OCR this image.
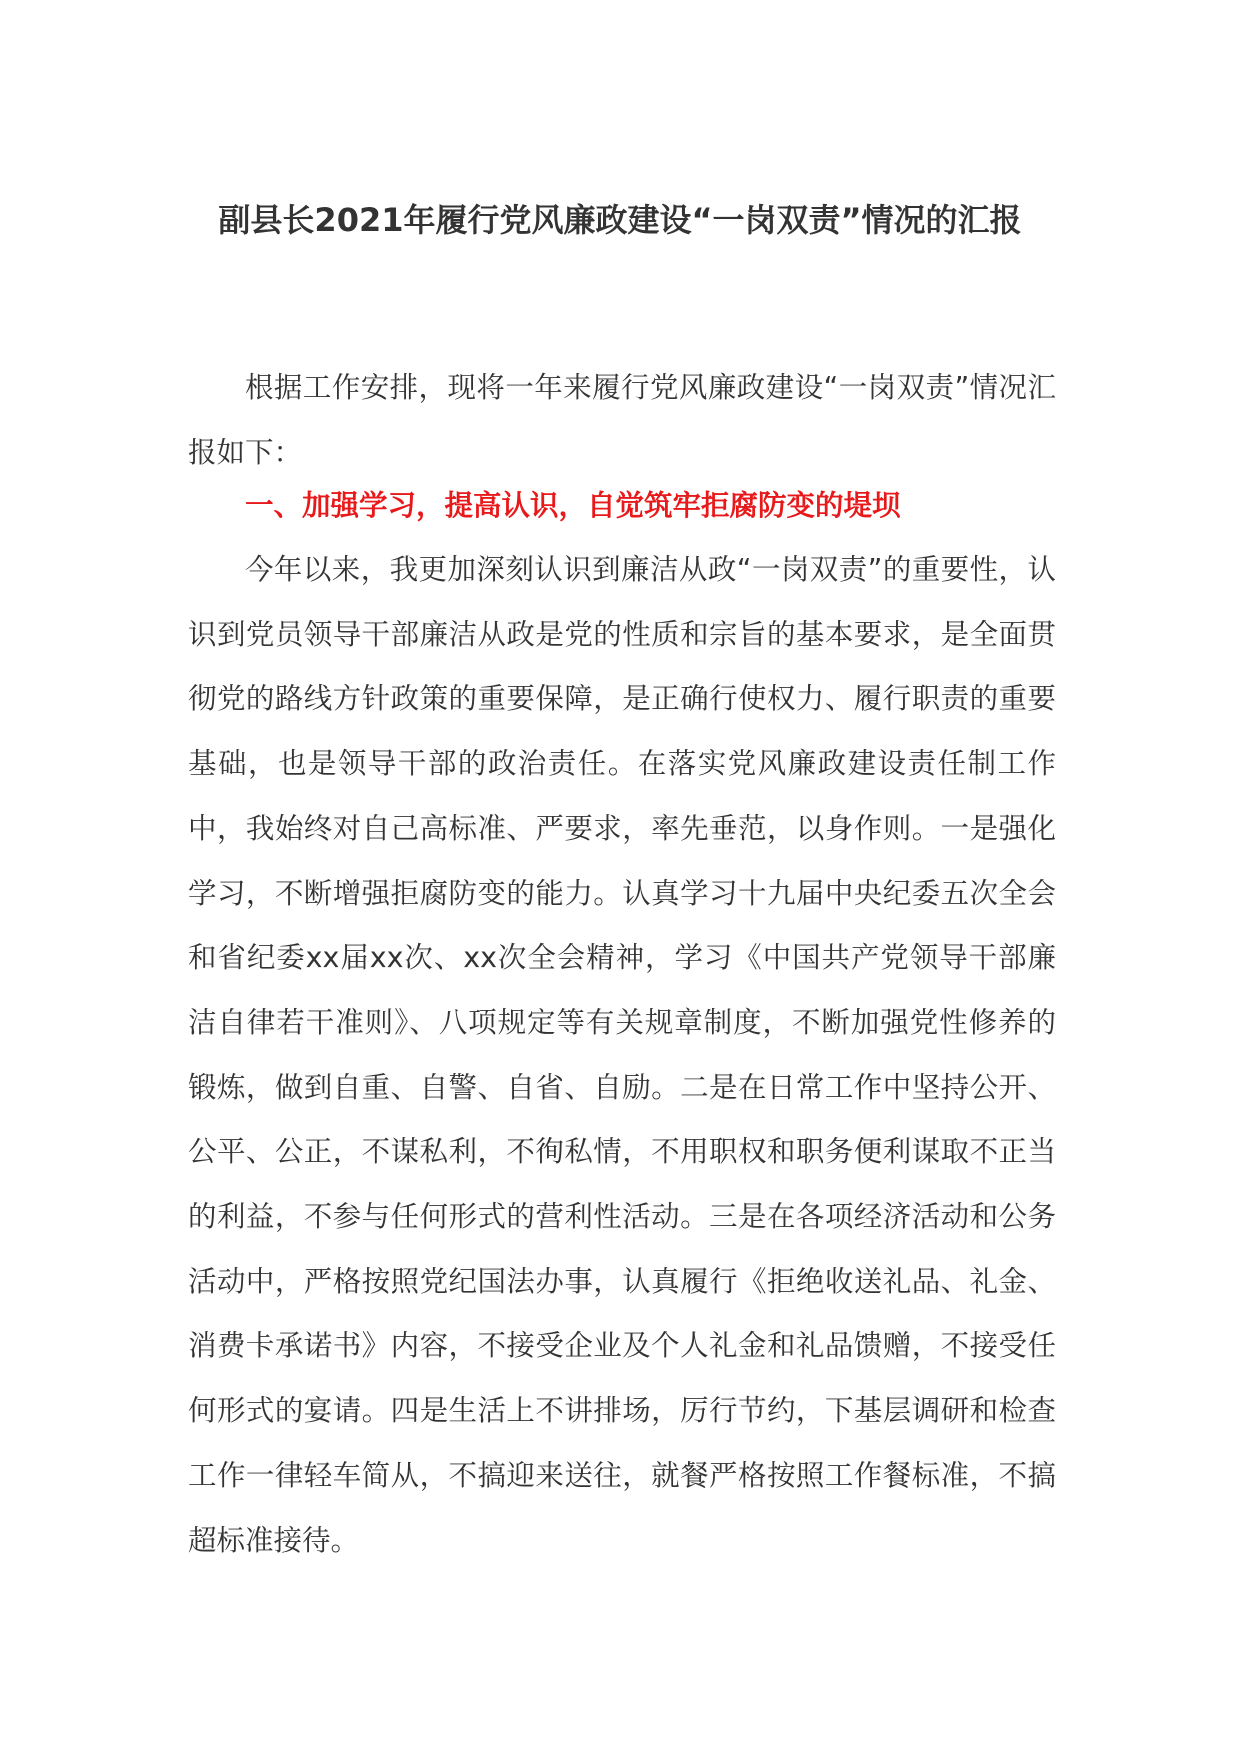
副县长2021年履行党风廉政建设“一岗双责”情况的汇报

根据工作安排，现将一年来履行党风廉政建设“一岗双责”情况汇报如下：

一、加强学习，提高认识，自觉筑牢拒腐防变的堤坝

今年以来，我更加深刻认识到廉洁从政“一岗双责”的重要性，认识到党员领导干部廉洁从政是党的性质和宗旨的基本要求，是全面贯彻党的路线方针政策的重要保障，是正确行使权力、履行职责的重要基础，也是领导干部的政治责任。在落实党风廉政建设责任制工作中，我始终对自己高标准、严要求，率先垂范，以身作则。一是强化学习，不断增强拒腐防变的能力。认真学习十九届中央纪委五次全会和省纪委xx届xx次、xx次全会精神，学习《中国共产党领导干部廉洁自律若干准则》、八项规定等有关规章制度，不断加强党性修养的锻炼，做到自重、自警、自省、自励。二是在日常工作中坚持公开、公平、公正，不谋私利，不徇私情，不用职权和职务便利谋取不正当的利益，不参与任何形式的营利性活动。三是在各项经济活动和公务活动中，严格按照党纪国法办事，认真履行《拒绝收送礼品、礼金、消费卡承诺书》内容，不接受企业及个人礼金和礼品馈赠，不接受任何形式的宴请。四是生活上不讲排场，厉行节约，下基层调研和检查工作一律轻车简从，不搞迎来送往，就餐严格按照工作餐标准，不搞超标准接待。
